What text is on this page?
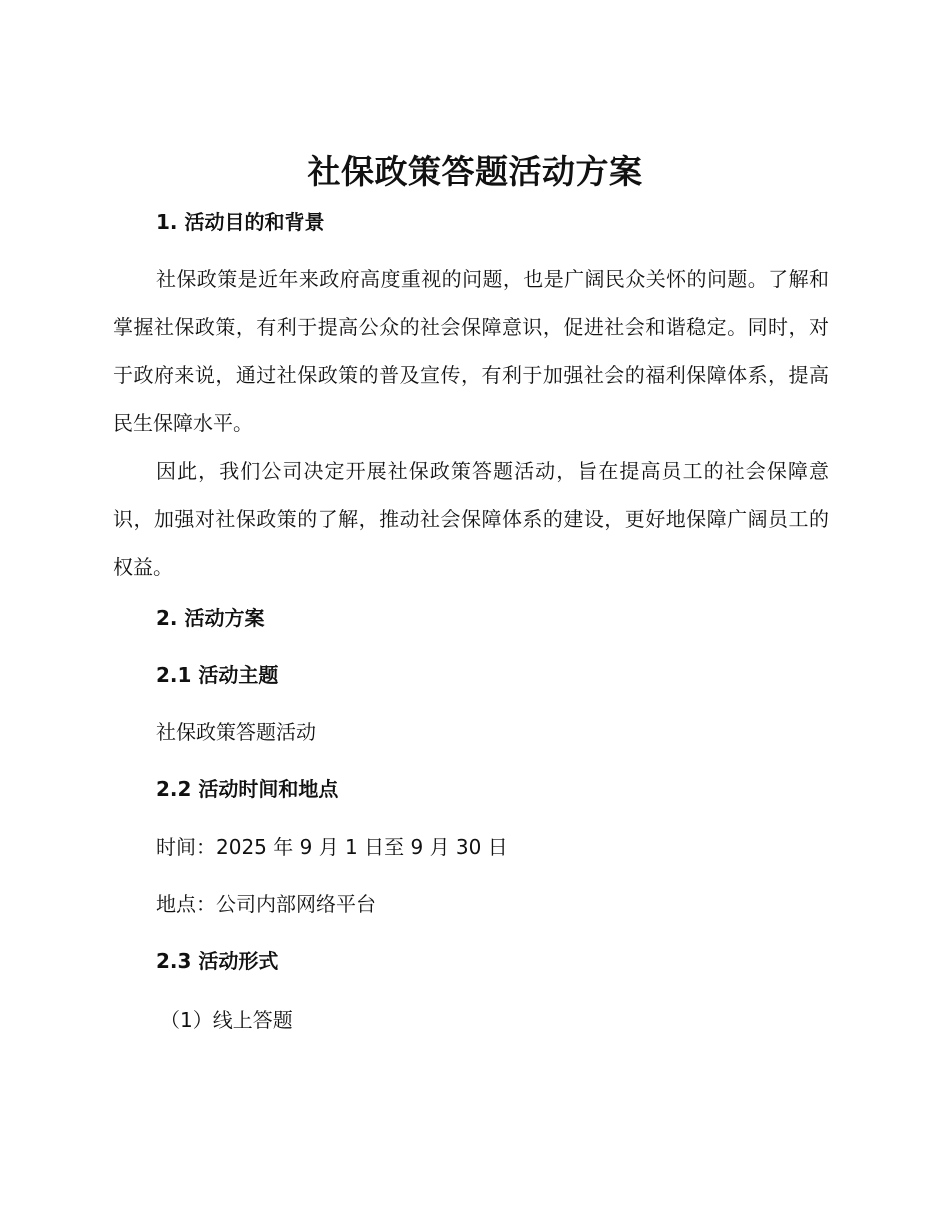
社保政策答题活动方案
1. 活动目的和背景

社保政策是近年来政府高度重视的问题，也是广阔民众关怀的问题。了解和掌握社保政策，有利于提高公众的社会保障意识，促进社会和谐稳定。同时，对于政府来说，通过社保政策的普及宣传，有利于加强社会的福利保障体系，提高民生保障水平。

因此，我们公司决定开展社保政策答题活动，旨在提高员工的社会保障意识，加强对社保政策的了解，推动社会保障体系的建设，更好地保障广阔员工的权益。

2. 活动方案
2.1 活动主题

社保政策答题活动

2.2 活动时间和地点

时间：2025 年 9 月 1 日至 9 月 30 日

地点：公司内部网络平台

2.3 活动形式

（1）线上答题
